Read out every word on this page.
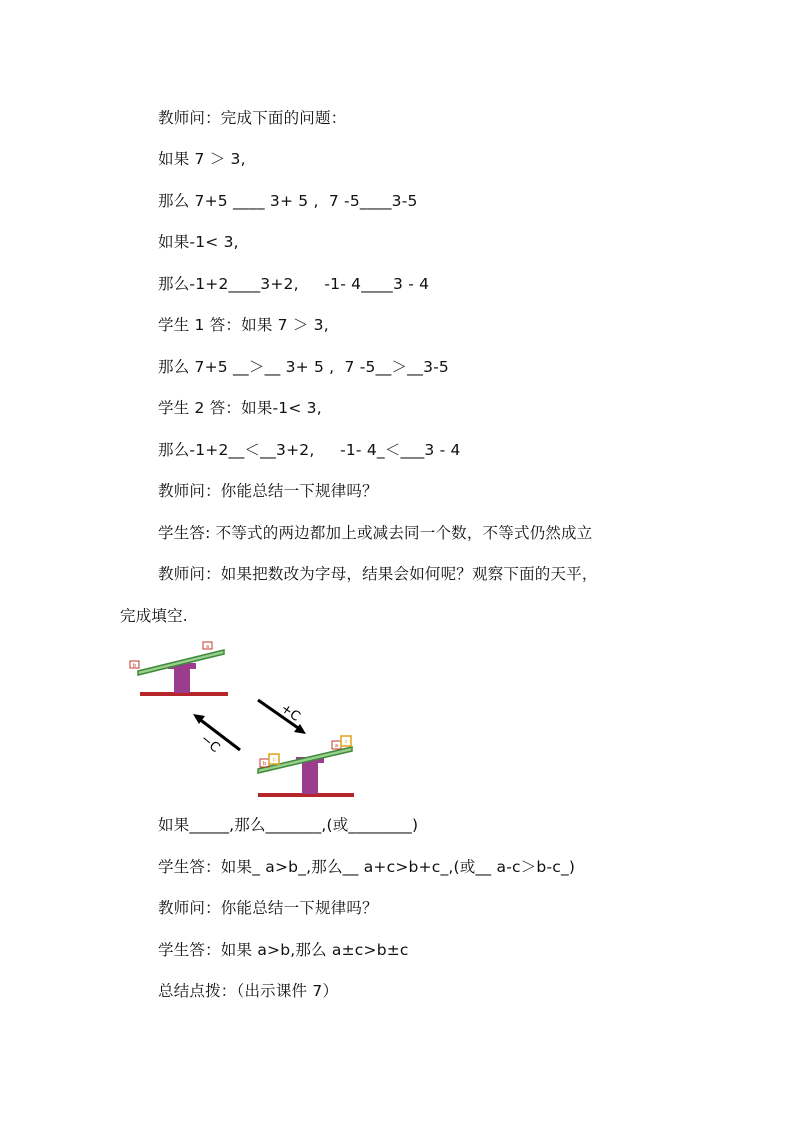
教师问：完成下面的问题：
如果 7 ＞ 3,
那么 7+5 ____ 3+ 5 ,  7 -5____3-5
如果-1< 3,
那么-1+2____3+2,     -1- 4____3 - 4
学生 1 答：如果 7 ＞ 3,
那么 7+5 __＞__ 3+ 5 ,  7 -5__＞__3-5
学生 2 答：如果-1< 3,
那么-1+2__＜__3+2,     -1- 4_＜___3 - 4
教师问：你能总结一下规律吗？
学生答: 不等式的两边都加上或减去同一个数，不等式仍然成立
教师问：如果把数改为字母，结果会如何呢？观察下面的天平，
完成填空.
b
a
+C
−C
b
c
a
c
如果_____,那么_______,(或________)
学生答：如果_ a>b_,那么__ a+c>b+c_,(或__ a-c＞b-c_)
教师问：你能总结一下规律吗？
学生答：如果 a>b,那么 a±c>b±c
总结点拨：（出示课件 7）
